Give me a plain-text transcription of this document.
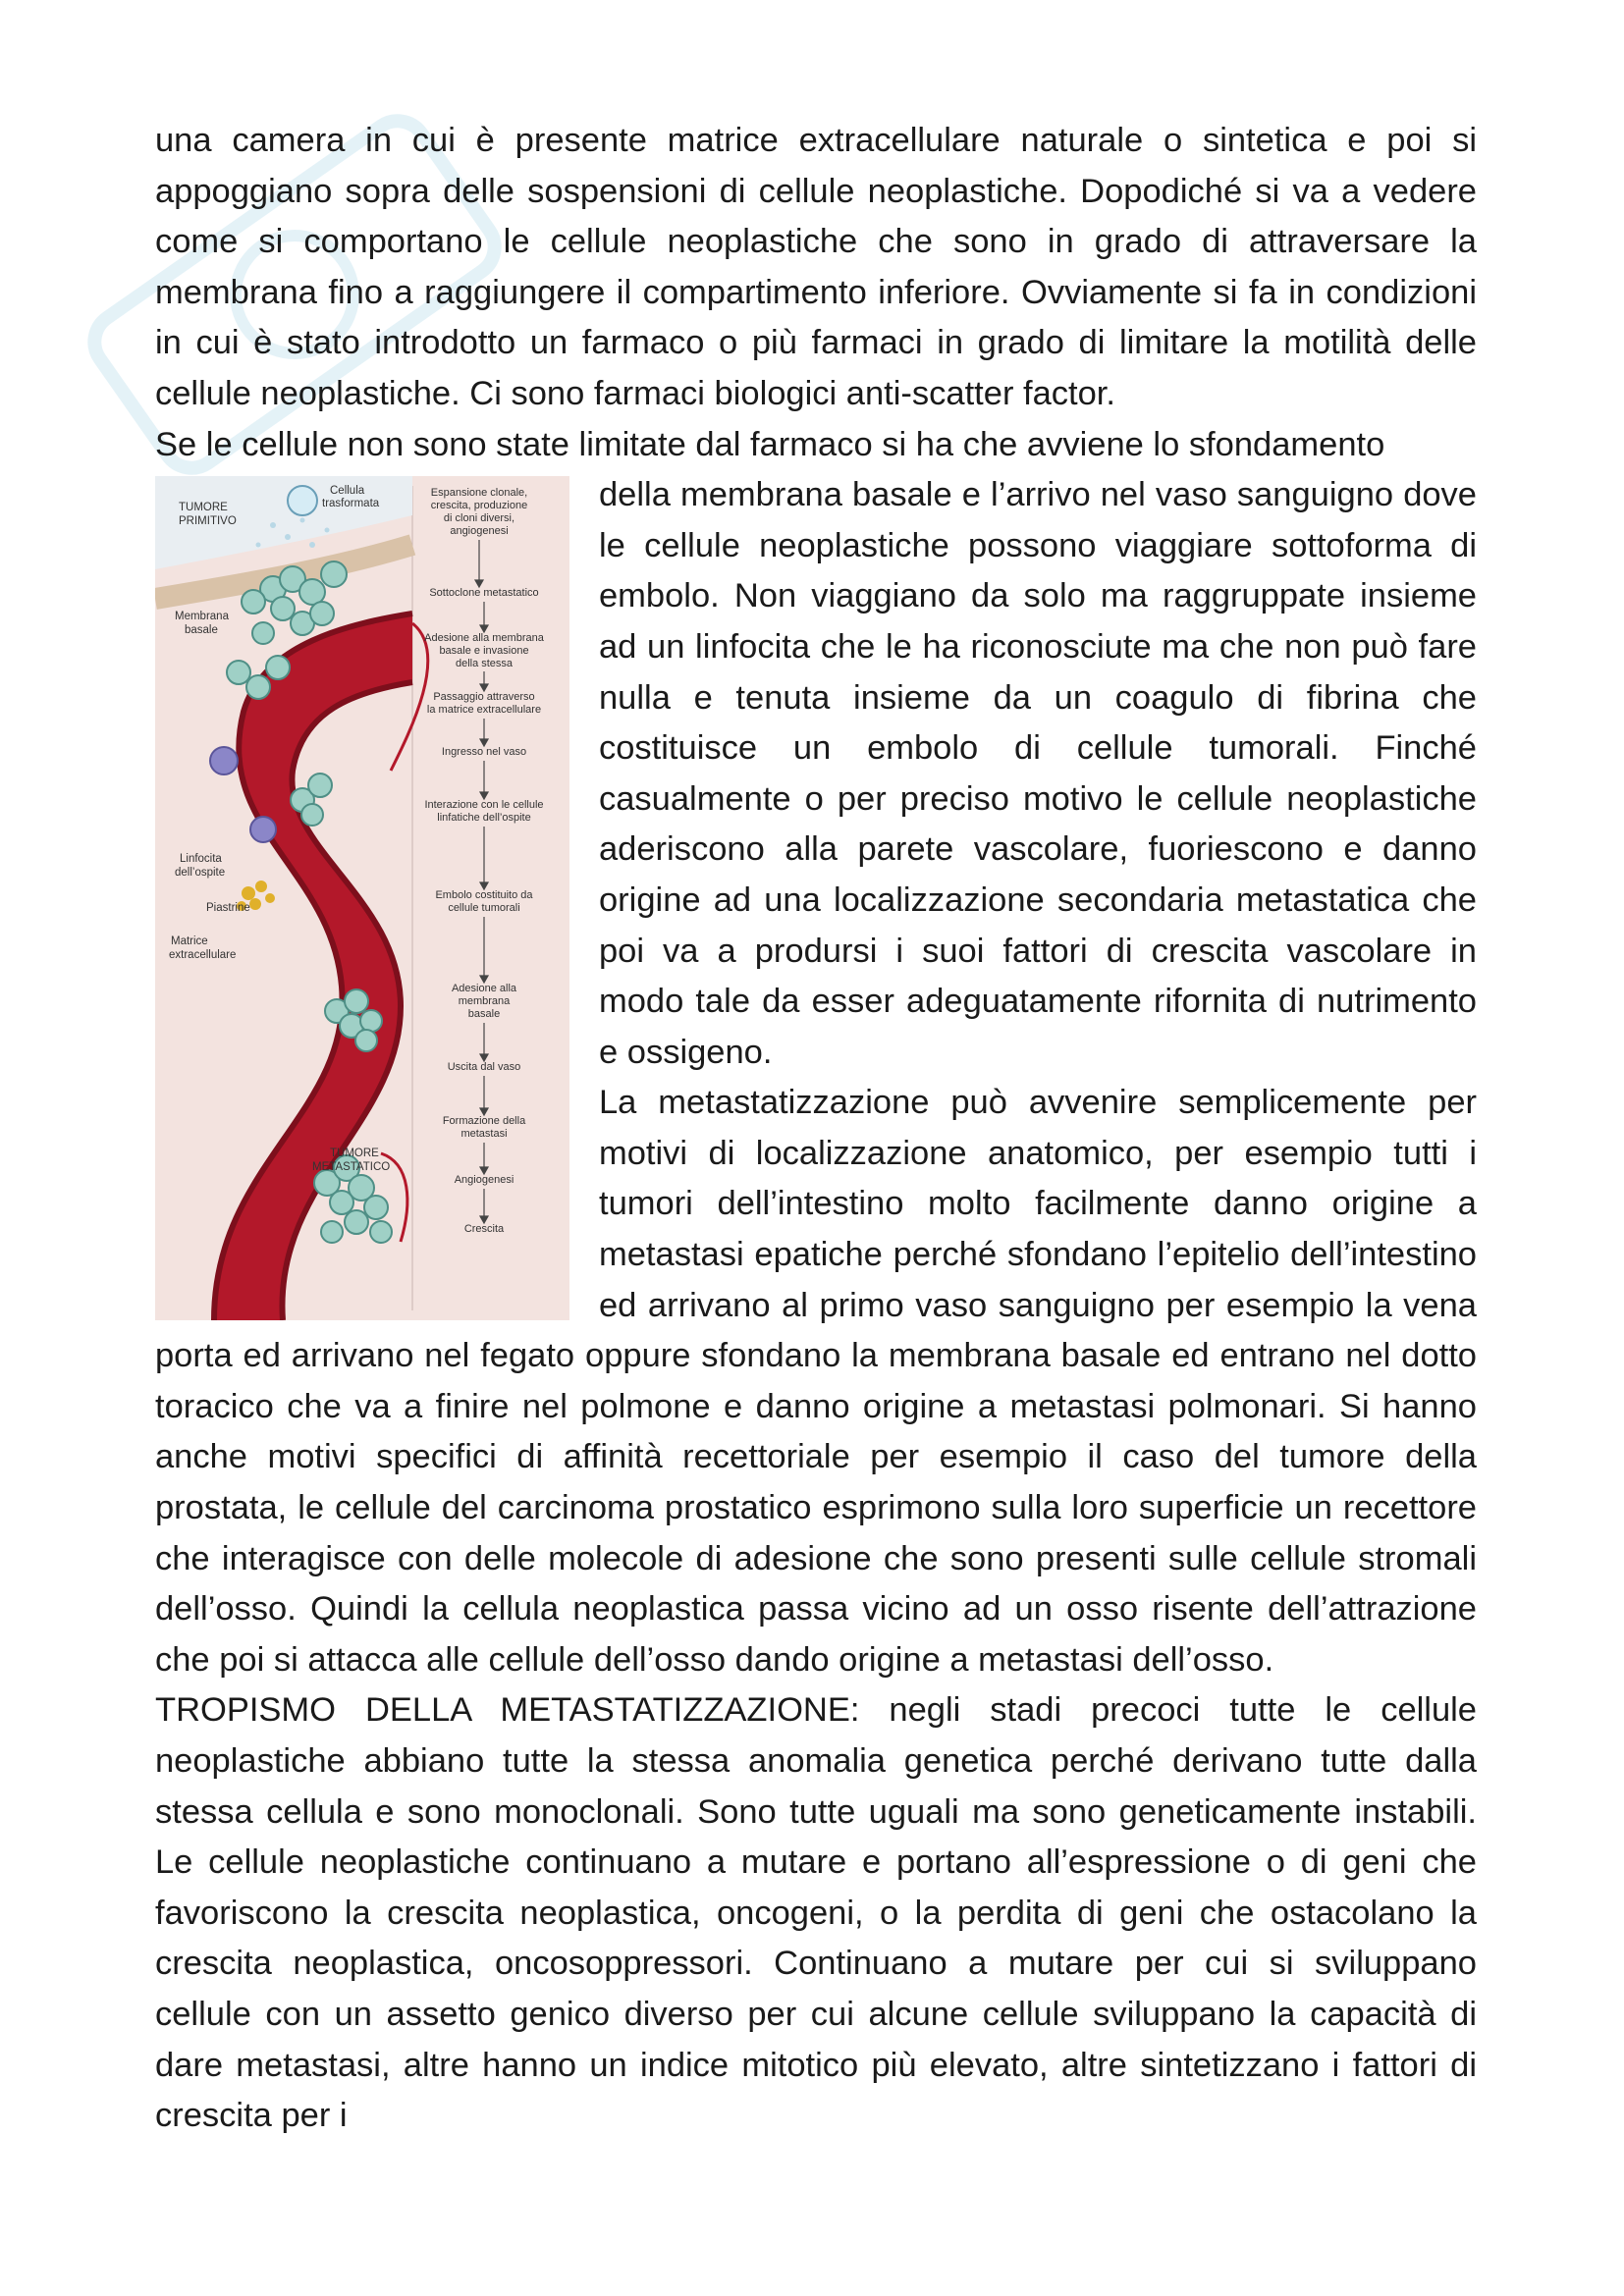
una camera in cui è presente matrice extracellulare naturale o sintetica e poi si appoggiano sopra delle sospensioni di cellule neoplastiche. Dopodiché si va a vedere come si comportano le cellule neoplastiche che sono in grado di attraversare la membrana fino a raggiungere il compartimento inferiore. Ovviamente si fa in condizioni in cui è stato introdotto un farmaco o più farmaci in grado di limitare la motilità delle cellule neoplastiche. Ci sono farmaci biologici anti-scatter factor.

Se le cellule non sono state limitate dal farmaco si ha che avviene lo sfondamento

TUMORE
PRIMITIVO
Membrana
basale
Linfocita
dell’ospite
Piastrine
Matrice
extracellulare
TUMORE
METASTATICO
Cellula
trasformata
Espansione clonale,
crescita, produzione
di cloni diversi,
angiogenesi
Sottoclone metastatico
Adesione alla membrana
basale e invasione
della stessa
Passaggio attraverso
la matrice extracellulare
Ingresso nel vaso
Interazione con le cellule
linfatiche dell’ospite
Embolo costituito da
cellule tumorali
Adesione alla
membrana
basale
Uscita dal vaso
Formazione della
metastasi
Angiogenesi
Crescita

della membrana basale e l’arrivo nel vaso sanguigno dove le cellule neoplastiche possono viaggiare sottoforma di embolo. Non viaggiano da solo ma raggruppate insieme ad un linfocita che le ha riconosciute ma che non può fare nulla e tenuta insieme da un coagulo di fibrina che costituisce un embolo di cellule tumorali. Finché casualmente o per preciso motivo le cellule neoplastiche aderiscono alla parete vascolare, fuoriescono e danno origine ad una localizzazione secondaria metastatica che poi va a prodursi i suoi fattori di crescita vascolare in modo tale da esser adeguatamente rifornita di nutrimento e ossigeno.

La metastatizzazione può avvenire semplicemente per motivi di localizzazione anatomico, per esempio tutti i tumori dell’intestino molto facilmente danno origine a metastasi epatiche perché sfondano l’epitelio dell’intestino ed arrivano al primo vaso sanguigno per esempio la vena porta ed arrivano nel fegato oppure sfondano la membrana basale ed entrano nel dotto toracico che va a finire nel polmone e danno origine a metastasi polmonari. Si hanno anche motivi specifici di affinità recettoriale per esempio il caso del tumore della prostata, le cellule del carcinoma prostatico esprimono sulla loro superficie un recettore che interagisce con delle molecole di adesione che sono presenti sulle cellule stromali dell’osso. Quindi la cellula neoplastica passa vicino ad un osso risente dell’attrazione che poi si attacca alle cellule dell’osso dando origine a metastasi dell’osso.

TROPISMO DELLA METASTATIZZAZIONE: negli stadi precoci tutte le cellule neoplastiche abbiano tutte la stessa anomalia genetica perché derivano tutte dalla stessa cellula e sono monoclonali. Sono tutte uguali ma sono geneticamente instabili. Le cellule neoplastiche continuano a mutare e portano all’espressione o di geni che favoriscono la crescita neoplastica, oncogeni, o la perdita di geni che ostacolano la crescita neoplastica, oncosoppressori. Continuano a mutare per cui si sviluppano cellule con un assetto genico diverso per cui alcune cellule sviluppano la capacità di dare metastasi, altre hanno un indice mitotico più elevato, altre sintetizzano i fattori di crescita per i
